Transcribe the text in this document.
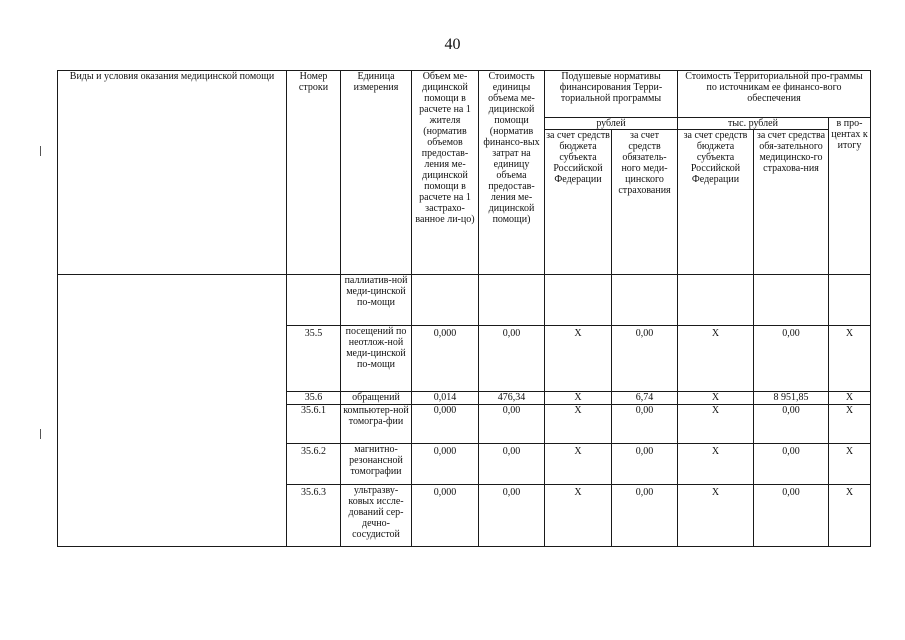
40
Виды и условия оказания медицинской помощи	Номер строки	Единица измерения	Объем ме-дицинской помощи в расчете на 1 жителя (норматив объемов предостав-ления ме-дицинской помощи в расчете на 1 застрахо-ванное ли-цо)	Стоимость единицы объема ме-дицинской помощи (норматив финансо-вых затрат на единицу объема предостав-ления ме-дицинской помощи)	Подушевые нормативы финансирования Терри-ториальной программы		Стоимость Территориальной про-граммы по источникам ее финансо-вого обеспечения		
					рублей		тыс. рублей		в про-центах к итогу
					за счет средств бюджета субъекта Российской Федерации	за счет средств обязатель-ного меди-цинского страхования	за счет средств бюджета субъекта Российской Федерации	за счет средства обя-зательного медицинско-го страхова-ния	
		паллиатив-ной меди-цинской по-мощи							
	35.5	посещений по неотлож-ной меди-цинской по-мощи	0,000	0,00	X	0,00	X	0,00	X
	35.6	обращений	0,014	476,34	X	6,74	X	8 951,85	X
	35.6.1	компьютер-ной томогра-фии	0,000	0,00	X	0,00	X	0,00	X
	35.6.2	магнитно-резонансной томографии	0,000	0,00	X	0,00	X	0,00	X
	35.6.3	ультразву-ковых иссле-дований сер-дечно-сосудистой	0,000	0,00	X	0,00	X	0,00	X
